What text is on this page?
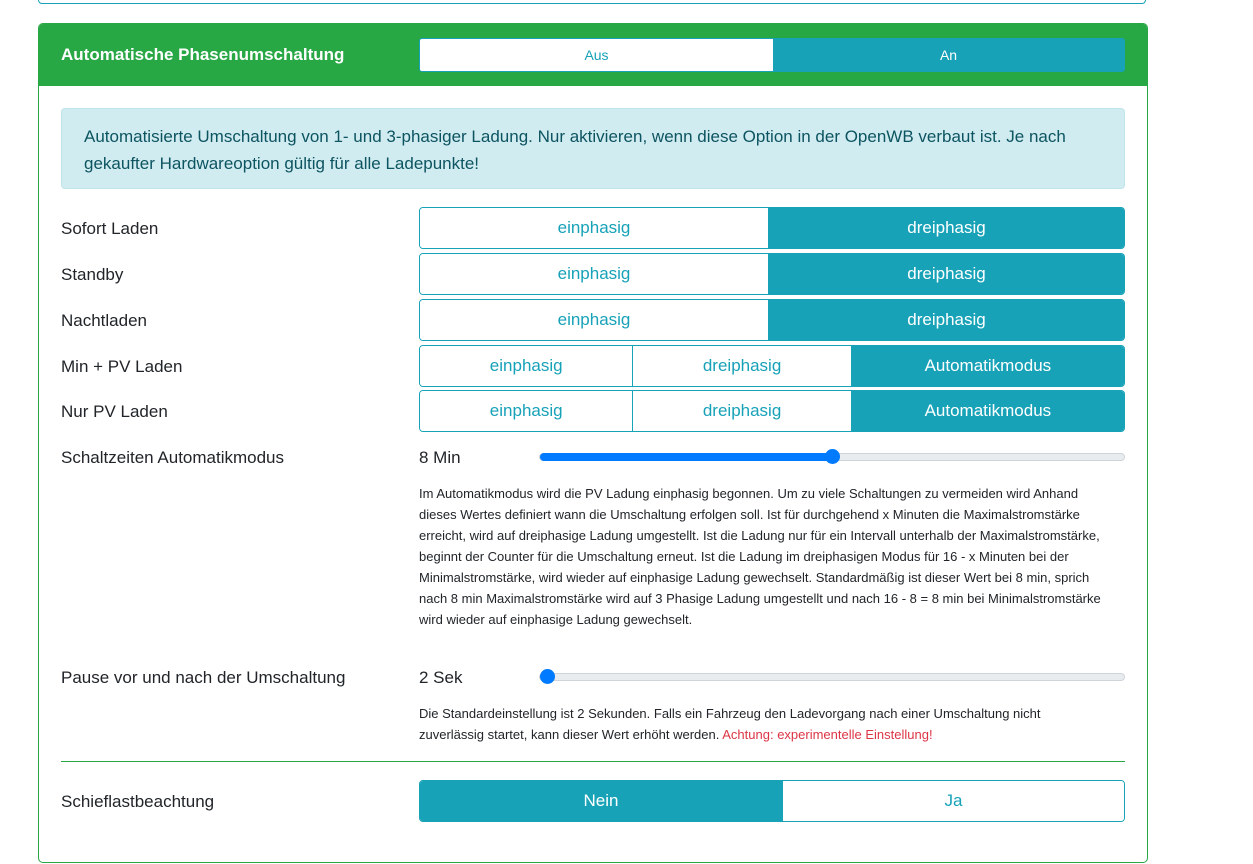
Automatische Phasenumschaltung	Aus	An
Automatisierte Umschaltung von 1- und 3-phasiger Ladung. Nur aktivieren, wenn diese Option in der OpenWB verbaut ist. Je nach gekaufter Hardwareoption gültig für alle Ladepunkte!
Sofort Laden	einphasig	dreiphasig
Standby	einphasig	dreiphasig
Nachtladen	einphasig	dreiphasig
Min + PV Laden	einphasig	dreiphasig	Automatikmodus
Nur PV Laden	einphasig	dreiphasig	Automatikmodus
Schaltzeiten Automatikmodus	8 Min
Im Automatikmodus wird die PV Ladung einphasig begonnen. Um zu viele Schaltungen zu vermeiden wird Anhand dieses Wertes definiert wann die Umschaltung erfolgen soll. Ist für durchgehend x Minuten die Maximalstromstärke erreicht, wird auf dreiphasige Ladung umgestellt. Ist die Ladung nur für ein Intervall unterhalb der Maximalstromstärke, beginnt der Counter für die Umschaltung erneut. Ist die Ladung im dreiphasigen Modus für 16 - x Minuten bei der Minimalstromstärke, wird wieder auf einphasige Ladung gewechselt. Standardmäßig ist dieser Wert bei 8 min, sprich nach 8 min Maximalstromstärke wird auf 3 Phasige Ladung umgestellt und nach 16 - 8 = 8 min bei Minimalstromstärke wird wieder auf einphasige Ladung gewechselt.
Pause vor und nach der Umschaltung	2 Sek
Die Standardeinstellung ist 2 Sekunden. Falls ein Fahrzeug den Ladevorgang nach einer Umschaltung nicht zuverlässig startet, kann dieser Wert erhöht werden. Achtung: experimentelle Einstellung!
Schieflastbeachtung	Nein	Ja
